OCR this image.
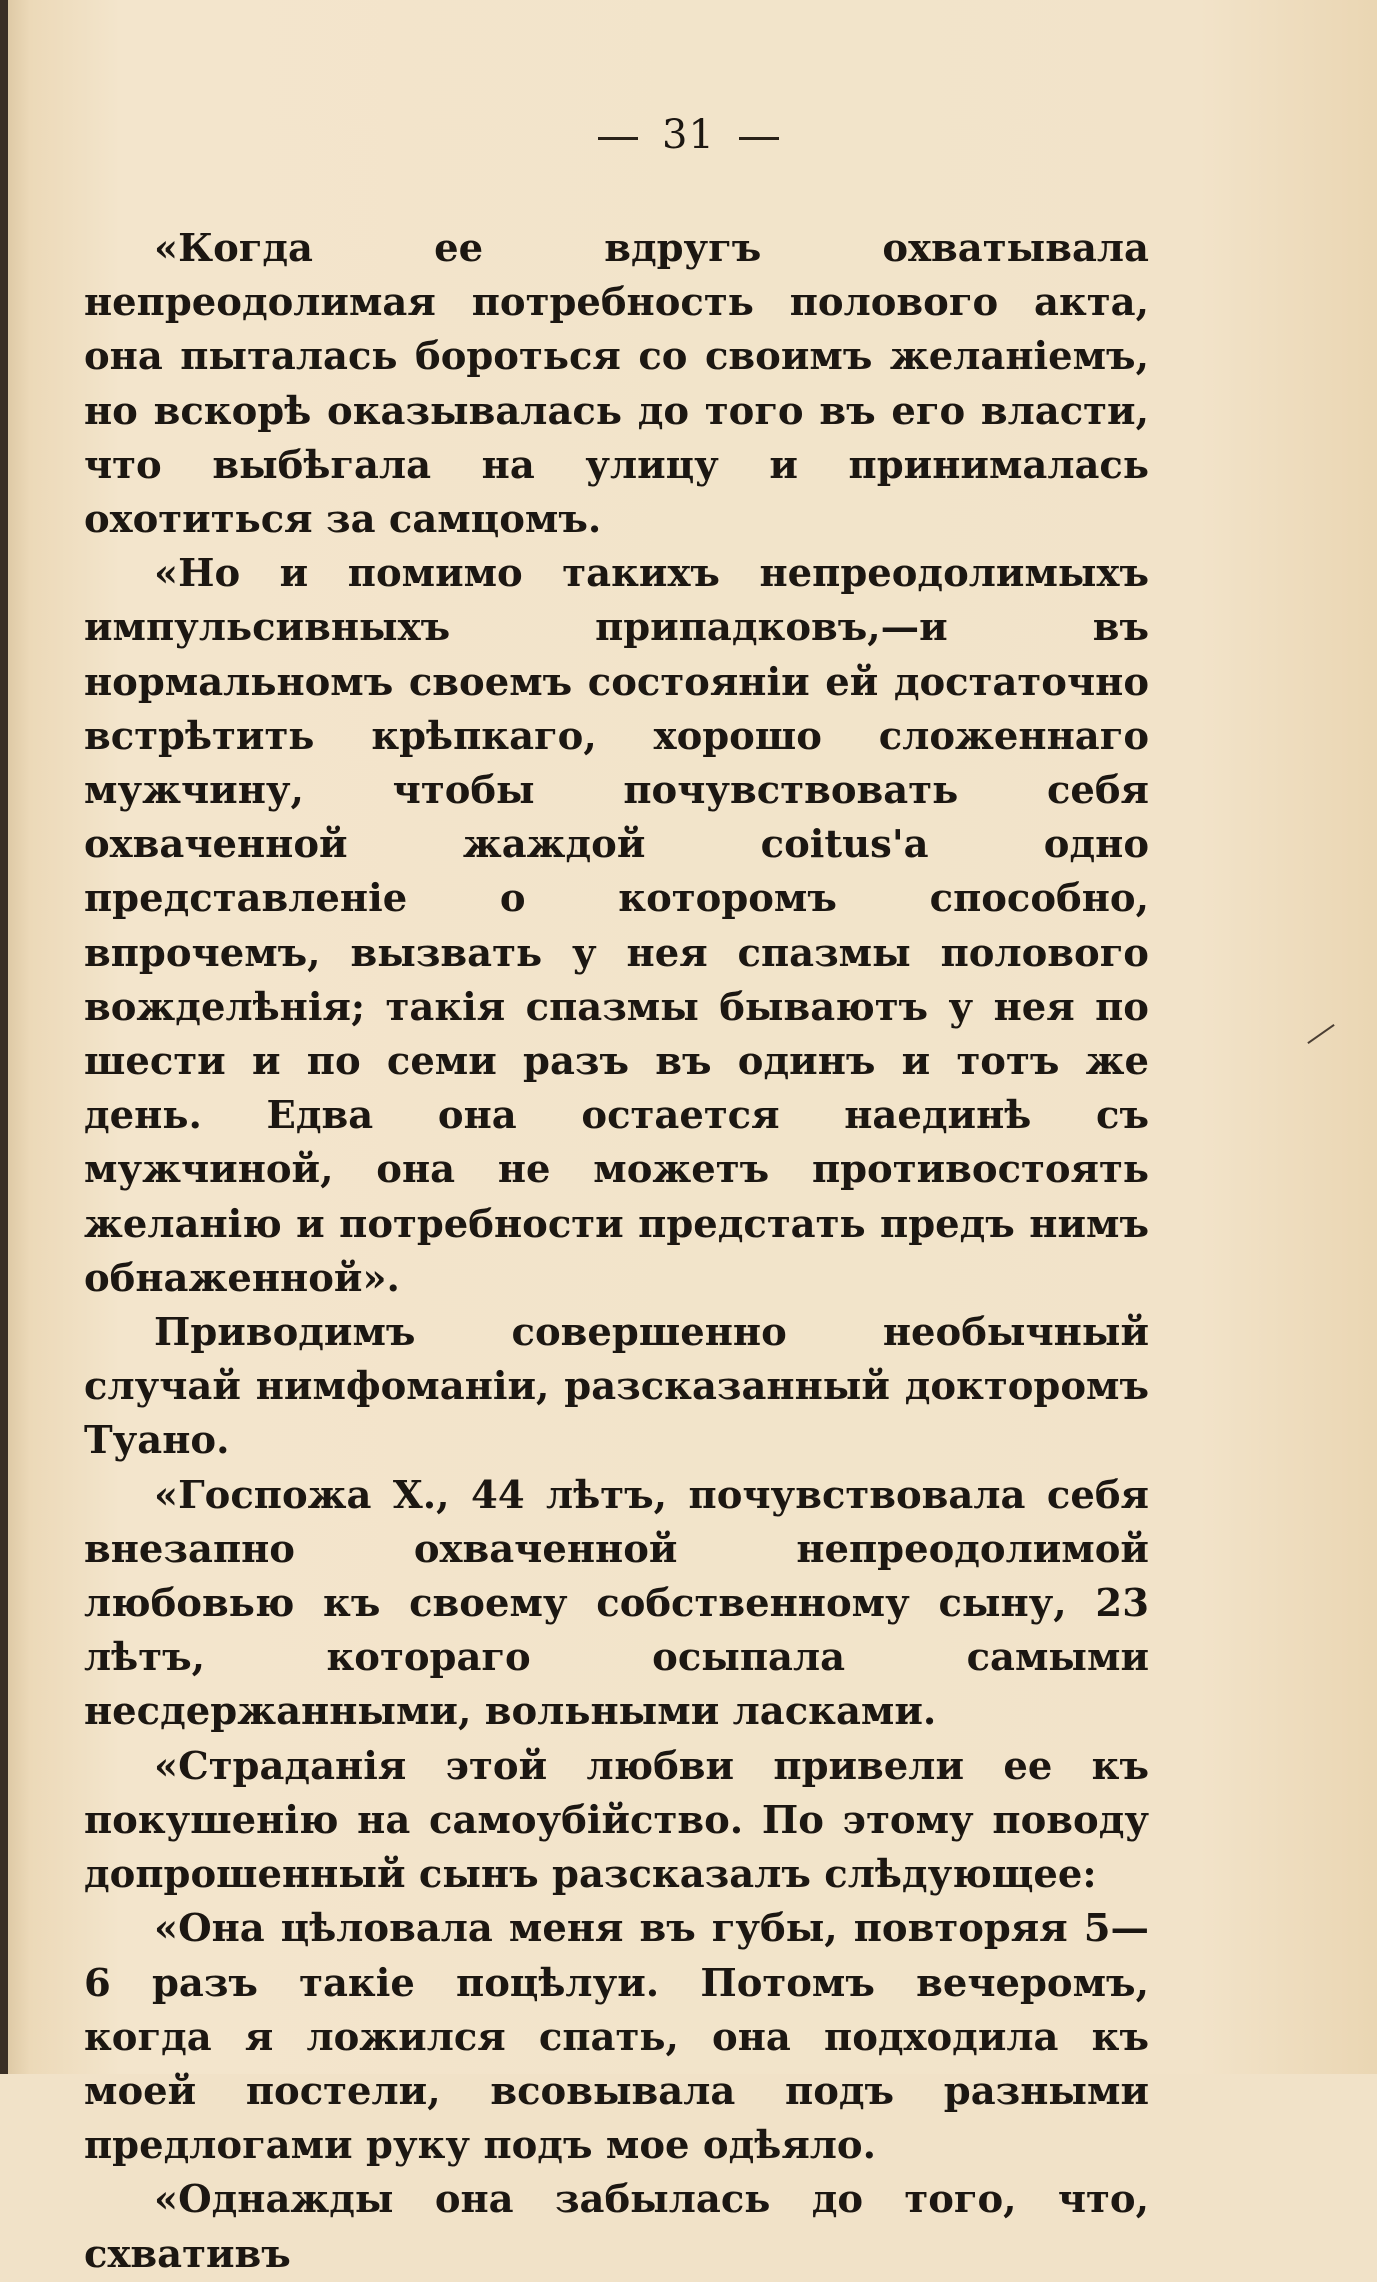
31

«Когда ее вдругъ охватывала непреодолимая потребность полового акта, она пыталась бороться со своимъ желаніемъ, но вскорѣ оказывалась до того въ его власти, что выбѣгала на улицу и принималась охотиться за самцомъ.

«Но и помимо такихъ непреодолимыхъ импульсивныхъ припадковъ,—и въ нормальномъ своемъ состояніи ей достаточно встрѣтить крѣпкаго, хорошо сложеннаго мужчину, чтобы почувствовать себя охваченной жаждой coitus'а одно представленіе о которомъ способно, впрочемъ, вызвать у нея спазмы полового вожделѣнія; такія спазмы бываютъ у нея по шести и по семи разъ въ одинъ и тотъ же день. Едва она остается наединѣ съ мужчиной, она не можетъ противостоять желанію и потребности предстать предъ нимъ обнаженной».

Приводимъ совершенно необычный случай нимфоманіи, разсказанный докторомъ Туано.

«Госпожа X., 44 лѣтъ, почувствовала себя внезапно охваченной непреодолимой любовью къ своему собственному сыну, 23 лѣтъ, котораго осыпала самыми несдержанными, вольными ласками.

«Страданія этой любви привели ее къ покушенію на самоубійство. По этому поводу допрошенный сынъ разсказалъ слѣдующее:

«Она цѣловала меня въ губы, повторяя 5—6 разъ такіе поцѣлуи. Потомъ вечеромъ, когда я ложился спать, она подходила къ моей постели, всовывала подъ разными предлогами руку подъ мое одѣяло.

«Однажды она забылась до того, что, схвативъ
